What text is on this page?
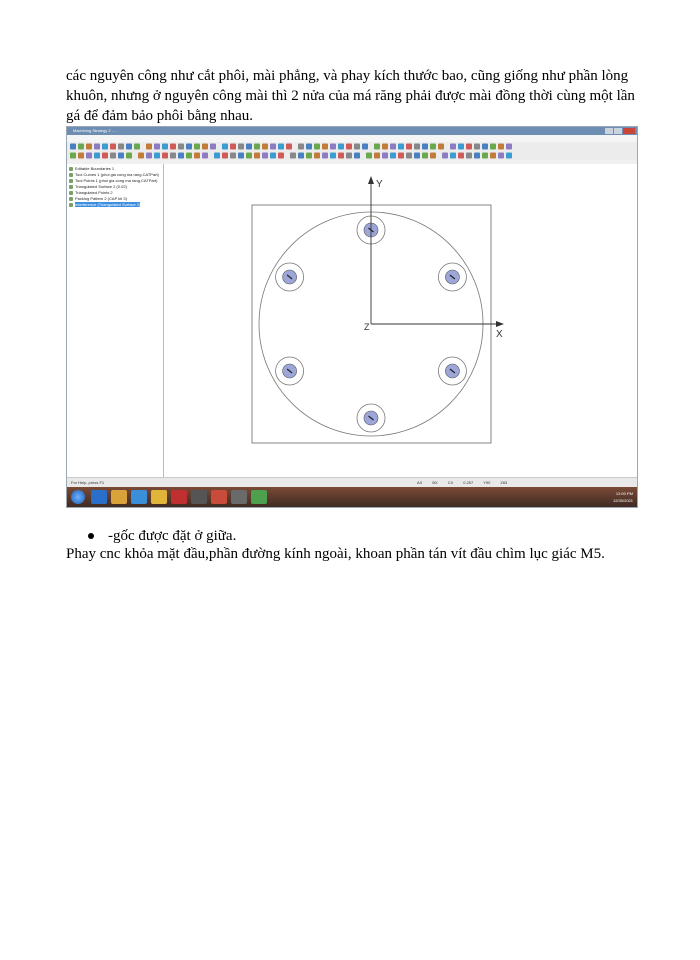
các nguyên công như cắt phôi, mài phẳng, và phay kích thước bao, cũng giống như phần lòng khuôn, nhưng ở nguyên công mài thì 2 nửa của má răng phải được mài đồng thời cùng một lần gá để đảm bảo phôi bằng nhau.

-gốc được đặt ở giữa.

Phay cnc khỏa mặt đầu,phần đường kính ngoài, khoan phần tán vít đầu chìm lục giác M5.

Machining Strategy 2 - ...
Editable Boundaries 1
Tool Curves 1 (phoi gia cong ma rang.CATPart)
Tool Points 1 (phoi gia cong ma rang.CATPart)
Triangulated Surface 2 (0.02)
Triangulated Points 2
Packing Pattern 2 (CAP kit 3)
Interference (Triangulated Surface 2)
Y
X
Z
For Help, press F1	AX	BX	CX	0.257	Y90	Z63
12:00 PM
12/30/2021
